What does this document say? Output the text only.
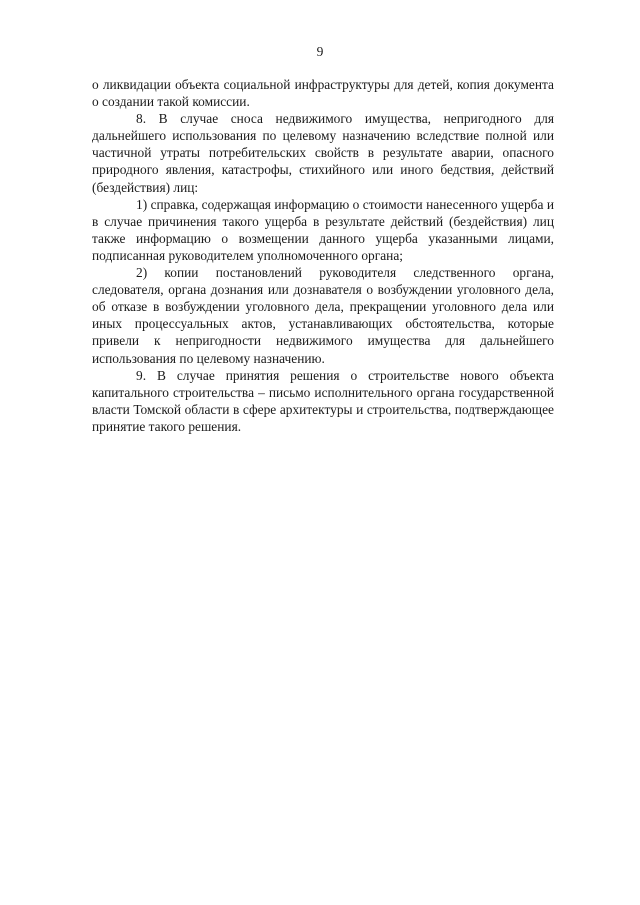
9

о ликвидации объекта социальной инфраструктуры для детей, копия документа о создании такой комиссии.

8. В случае сноса недвижимого имущества, непригодного для дальнейшего использования по целевому назначению вследствие полной или частичной утраты потребительских свойств в результате аварии, опасного природного явления, катастрофы, стихийного или иного бедствия, действий (бездействия) лиц:

1) справка, содержащая информацию о стоимости нанесенного ущерба и в случае причинения такого ущерба в результате действий (бездействия) лиц также информацию о возмещении данного ущерба указанными лицами, подписанная руководителем уполномоченного органа;

2) копии постановлений руководителя следственного органа, следователя, органа дознания или дознавателя о возбуждении уголовного дела, об отказе в возбуждении уголовного дела, прекращении уголовного дела или иных процессуальных актов, устанавливающих обстоятельства, которые привели к непригодности недвижимого имущества для дальнейшего использования по целевому назначению.

9. В случае принятия решения о строительстве нового объекта капитального строительства – письмо исполнительного органа государственной власти Томской области в сфере архитектуры и строительства, подтверждающее принятие такого решения.
